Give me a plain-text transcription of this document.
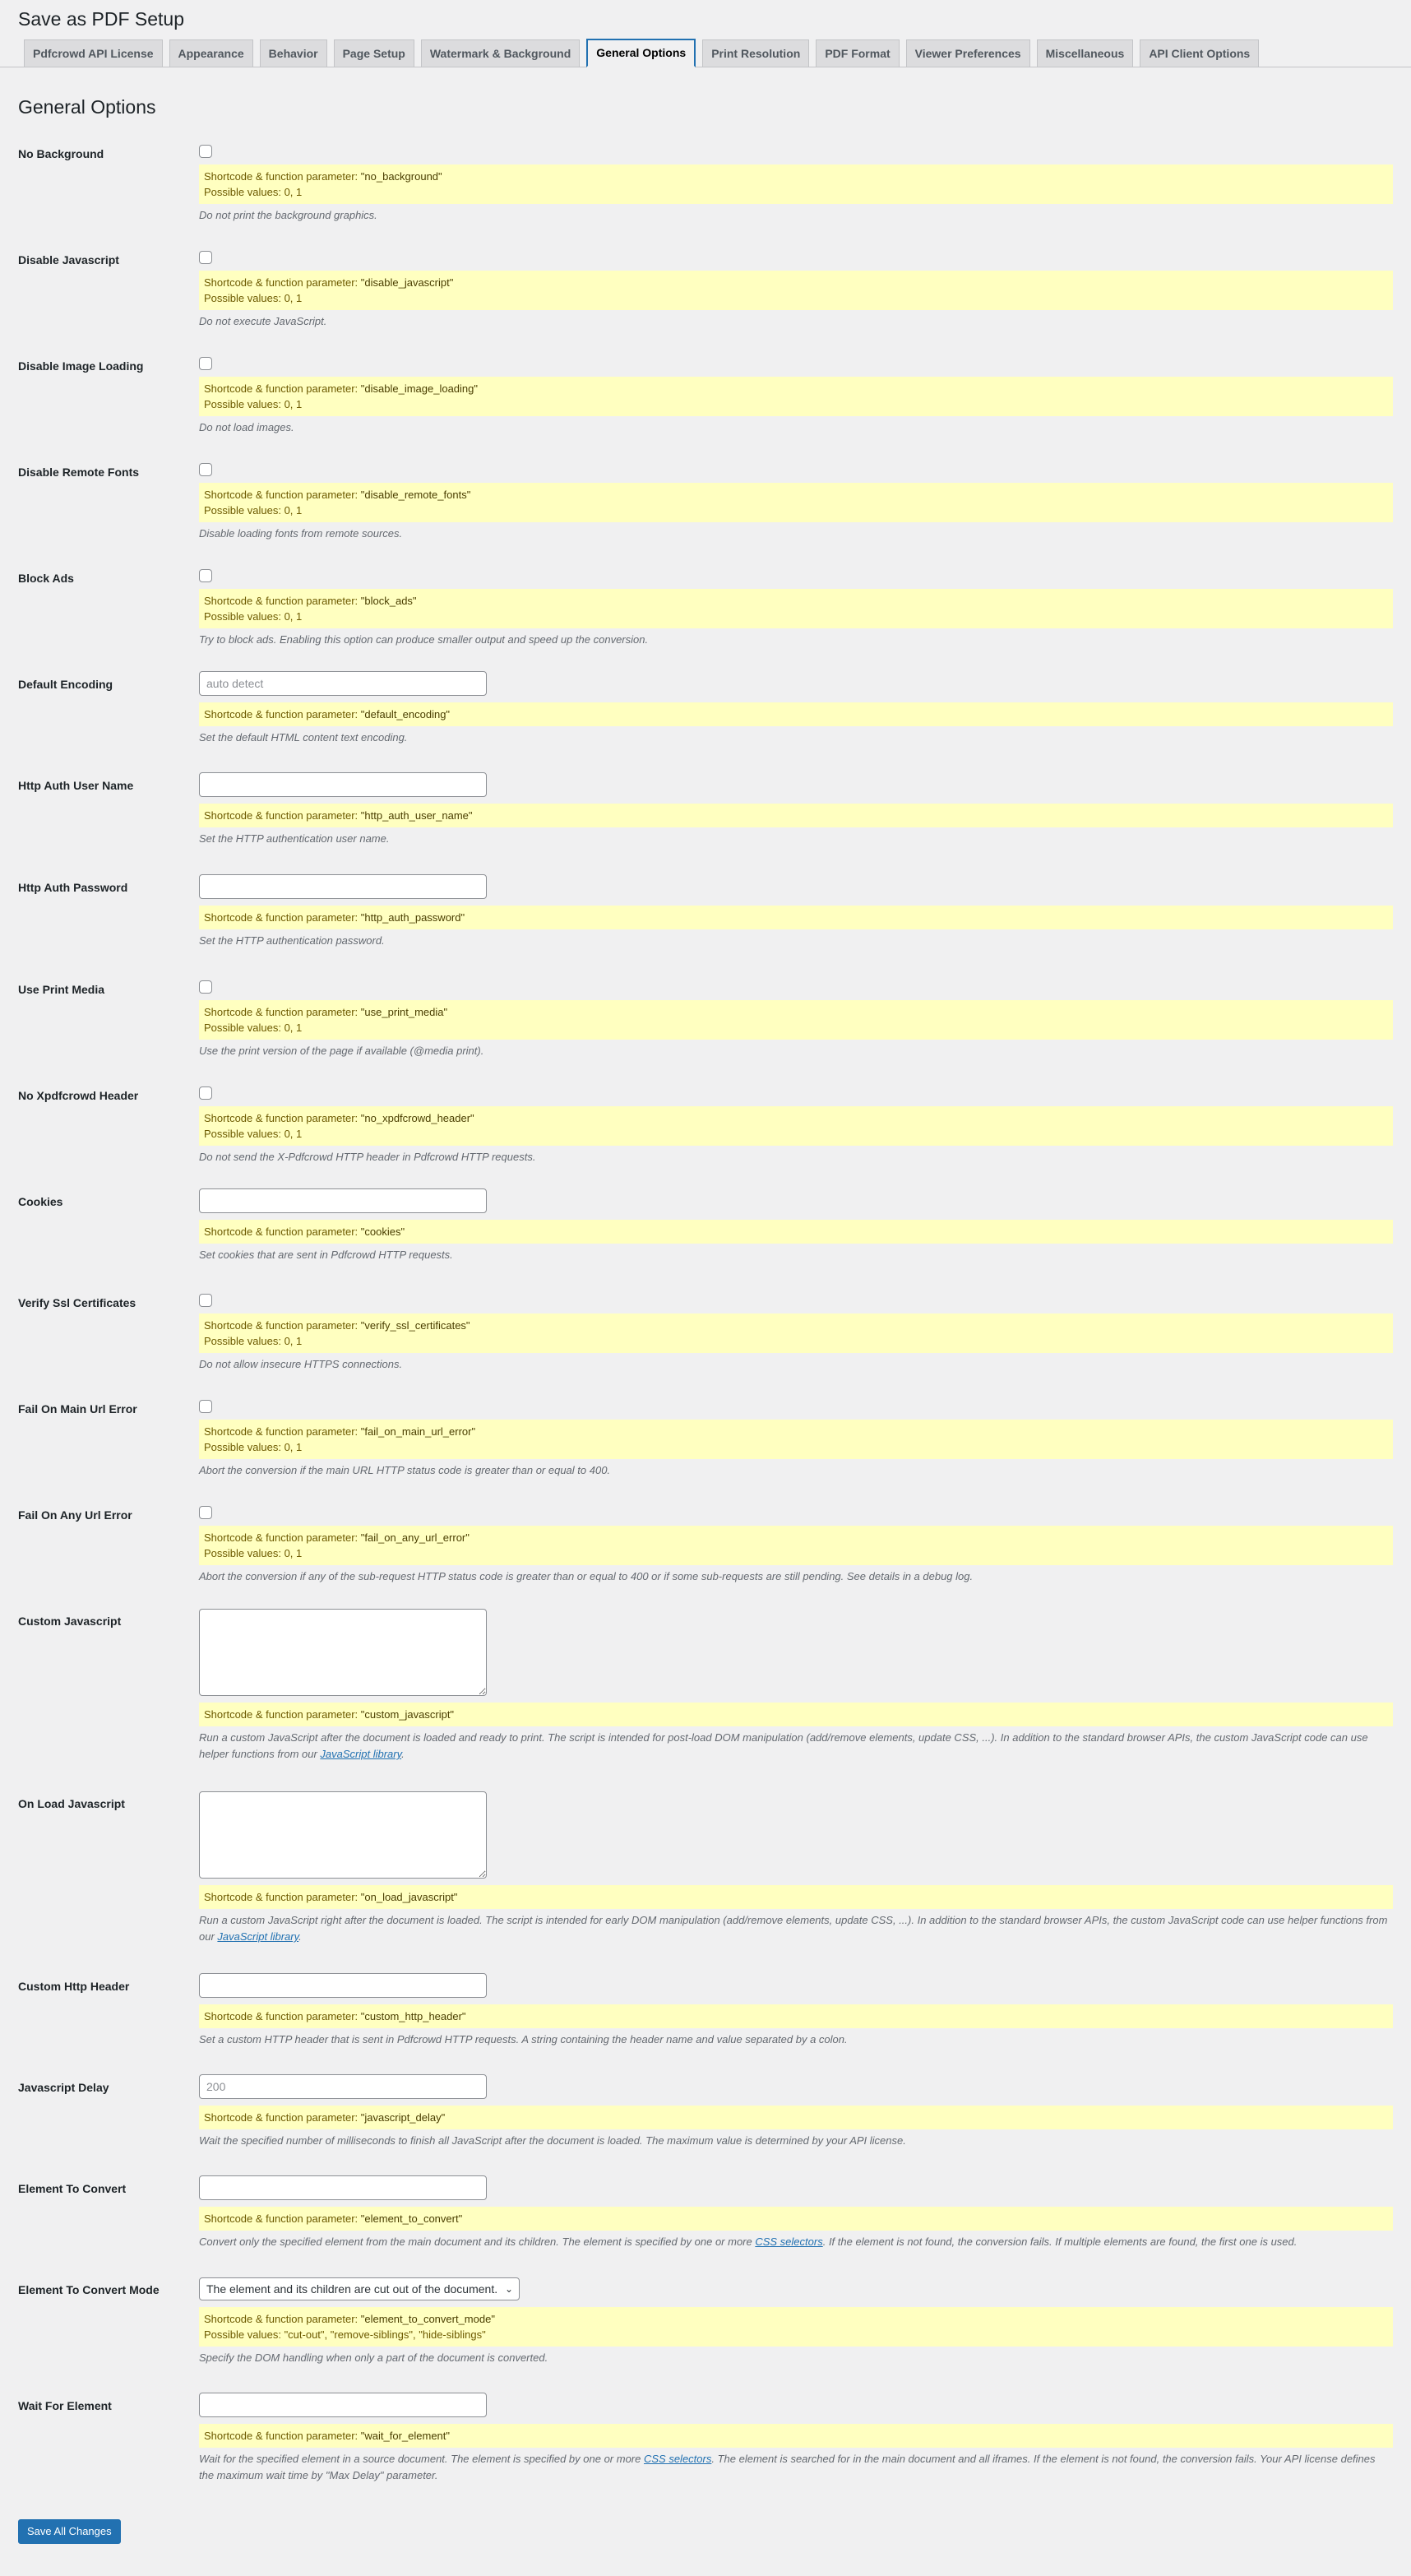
Save as PDF Setup
Pdfcrowd API License	Appearance	Behavior	Page Setup	Watermark & Background	General Options	Print Resolution	PDF Format	Viewer Preferences	Miscellaneous	API Client Options
General Options
No Background
Shortcode & function parameter: "no_background"
Possible values: 0, 1
Do not print the background graphics.
Disable Javascript
Shortcode & function parameter: "disable_javascript"
Possible values: 0, 1
Do not execute JavaScript.
Disable Image Loading
Shortcode & function parameter: "disable_image_loading"
Possible values: 0, 1
Do not load images.
Disable Remote Fonts
Shortcode & function parameter: "disable_remote_fonts"
Possible values: 0, 1
Disable loading fonts from remote sources.
Block Ads
Shortcode & function parameter: "block_ads"
Possible values: 0, 1
Try to block ads. Enabling this option can produce smaller output and speed up the conversion.
Default Encoding
auto detect
Shortcode & function parameter: "default_encoding"
Set the default HTML content text encoding.
Http Auth User Name
Shortcode & function parameter: "http_auth_user_name"
Set the HTTP authentication user name.
Http Auth Password
Shortcode & function parameter: "http_auth_password"
Set the HTTP authentication password.
Use Print Media
Shortcode & function parameter: "use_print_media"
Possible values: 0, 1
Use the print version of the page if available (@media print).
No Xpdfcrowd Header
Shortcode & function parameter: "no_xpdfcrowd_header"
Possible values: 0, 1
Do not send the X-Pdfcrowd HTTP header in Pdfcrowd HTTP requests.
Cookies
Shortcode & function parameter: "cookies"
Set cookies that are sent in Pdfcrowd HTTP requests.
Verify Ssl Certificates
Shortcode & function parameter: "verify_ssl_certificates"
Possible values: 0, 1
Do not allow insecure HTTPS connections.
Fail On Main Url Error
Shortcode & function parameter: "fail_on_main_url_error"
Possible values: 0, 1
Abort the conversion if the main URL HTTP status code is greater than or equal to 400.
Fail On Any Url Error
Shortcode & function parameter: "fail_on_any_url_error"
Possible values: 0, 1
Abort the conversion if any of the sub-request HTTP status code is greater than or equal to 400 or if some sub-requests are still pending. See details in a debug log.
Custom Javascript
Shortcode & function parameter: "custom_javascript"
Run a custom JavaScript after the document is loaded and ready to print. The script is intended for post-load DOM manipulation (add/remove elements, update CSS, ...). In addition to the standard browser APIs, the custom JavaScript code can use helper functions from our JavaScript library.
On Load Javascript
Shortcode & function parameter: "on_load_javascript"
Run a custom JavaScript right after the document is loaded. The script is intended for early DOM manipulation (add/remove elements, update CSS, ...). In addition to the standard browser APIs, the custom JavaScript code can use helper functions from our JavaScript library.
Custom Http Header
Shortcode & function parameter: "custom_http_header"
Set a custom HTTP header that is sent in Pdfcrowd HTTP requests. A string containing the header name and value separated by a colon.
Javascript Delay
200
Shortcode & function parameter: "javascript_delay"
Wait the specified number of milliseconds to finish all JavaScript after the document is loaded. The maximum value is determined by your API license.
Element To Convert
Shortcode & function parameter: "element_to_convert"
Convert only the specified element from the main document and its children. The element is specified by one or more CSS selectors. If the element is not found, the conversion fails. If multiple elements are found, the first one is used.
Element To Convert Mode	The element and its children are cut out of the document. ⌄
Shortcode & function parameter: "element_to_convert_mode"
Possible values: "cut-out", "remove-siblings", "hide-siblings"
Specify the DOM handling when only a part of the document is converted.
Wait For Element
Shortcode & function parameter: "wait_for_element"
Wait for the specified element in a source document. The element is specified by one or more CSS selectors. The element is searched for in the main document and all iframes. If the element is not found, the conversion fails. Your API license defines the maximum wait time by "Max Delay" parameter.
Save All Changes
